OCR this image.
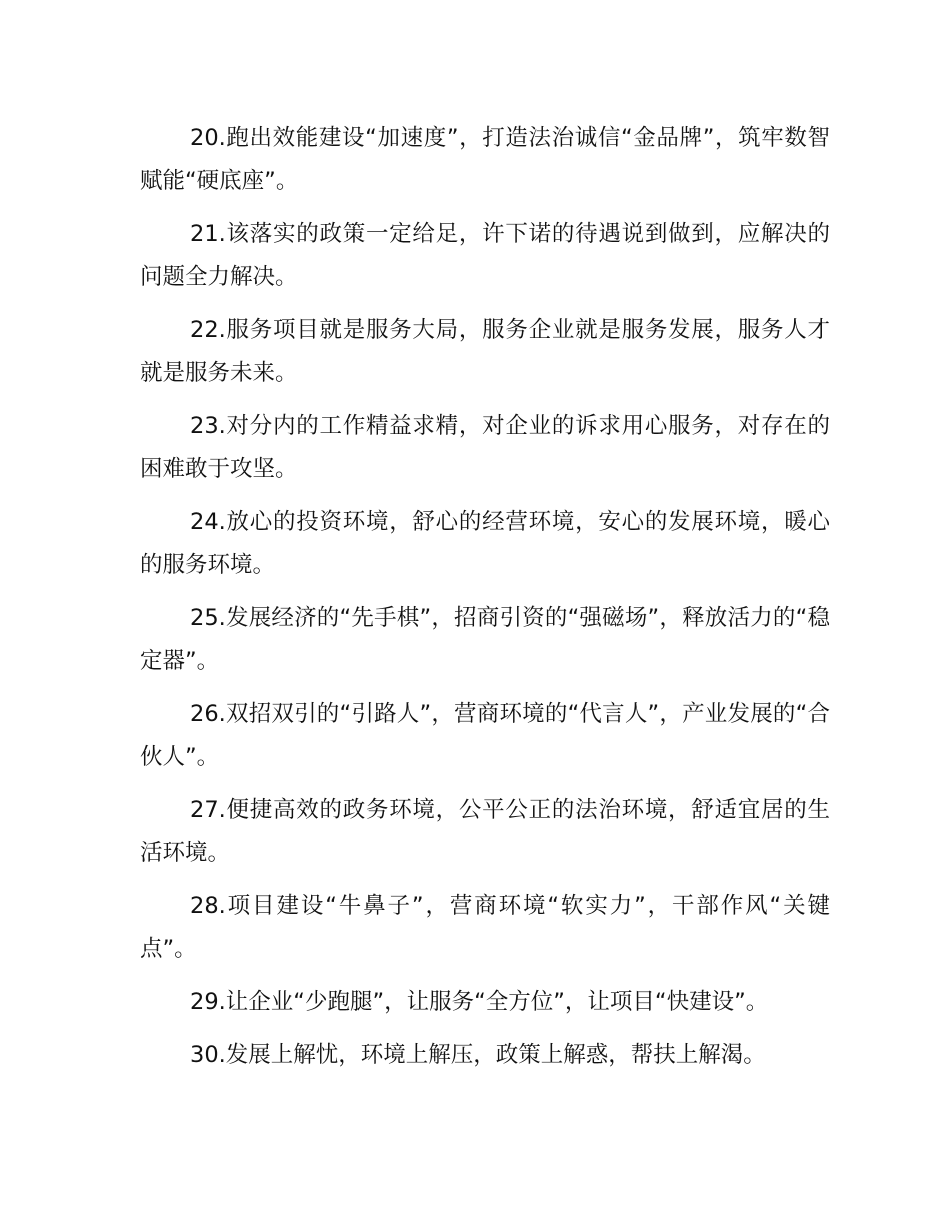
20.跑出效能建设“加速度”，打造法治诚信“金品牌”，筑牢数智赋能“硬底座”。

21.该落实的政策一定给足，许下诺的待遇说到做到，应解决的问题全力解决。

22.服务项目就是服务大局，服务企业就是服务发展，服务人才就是服务未来。

23.对分内的工作精益求精，对企业的诉求用心服务，对存在的困难敢于攻坚。

24.放心的投资环境，舒心的经营环境，安心的发展环境，暖心的服务环境。

25.发展经济的“先手棋”，招商引资的“强磁场”，释放活力的“稳定器”。

26.双招双引的“引路人”，营商环境的“代言人”，产业发展的“合伙人”。

27.便捷高效的政务环境，公平公正的法治环境，舒适宜居的生活环境。

28.项目建设“牛鼻子”，营商环境“软实力”，干部作风“关键点”。

29.让企业“少跑腿”，让服务“全方位”，让项目“快建设”。

30.发展上解忧，环境上解压，政策上解惑，帮扶上解渴。
